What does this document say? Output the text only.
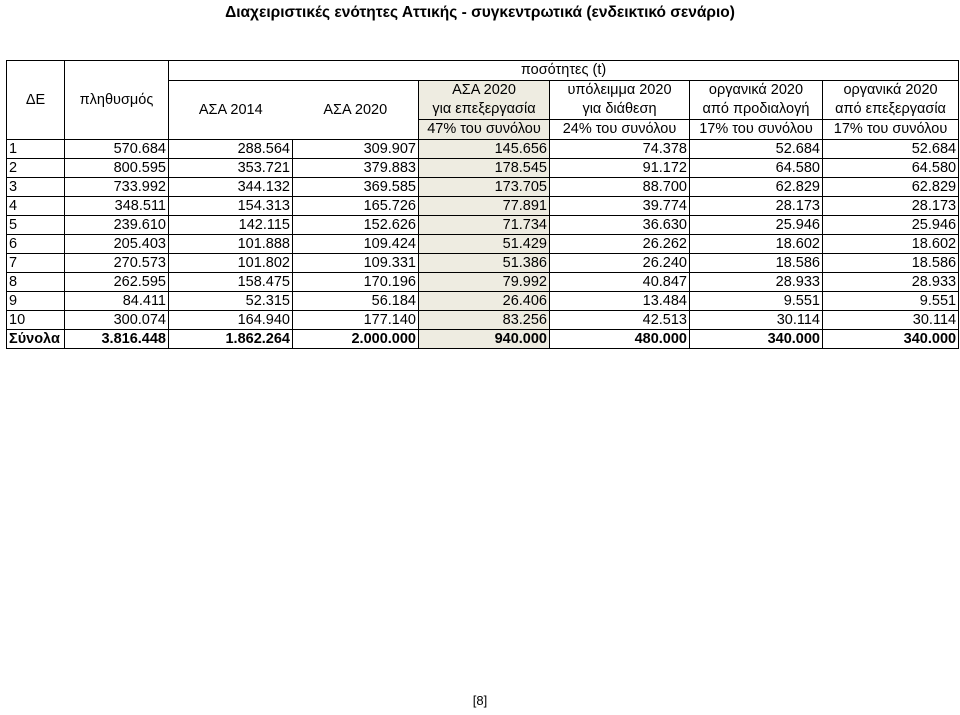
Διαχειριστικές ενότητες Αττικής - συγκεντρωτικά (ενδεικτικό σενάριο)
ΔΕ	πληθυσμός	ποσότητες (t)					
		ΑΣΑ 2014	ΑΣΑ 2020	ΑΣΑ 2020	υπόλειμμα 2020	οργανικά 2020	οργανικά 2020
				για επεξεργασία	για διάθεση	από προδιαλογή	από επεξεργασία
				47% του συνόλου	24% του συνόλου	17% του συνόλου	17% του συνόλου
1	570.684	288.564	309.907	145.656	74.378	52.684	52.684
2	800.595	353.721	379.883	178.545	91.172	64.580	64.580
3	733.992	344.132	369.585	173.705	88.700	62.829	62.829
4	348.511	154.313	165.726	77.891	39.774	28.173	28.173
5	239.610	142.115	152.626	71.734	36.630	25.946	25.946
6	205.403	101.888	109.424	51.429	26.262	18.602	18.602
7	270.573	101.802	109.331	51.386	26.240	18.586	18.586
8	262.595	158.475	170.196	79.992	40.847	28.933	28.933
9	84.411	52.315	56.184	26.406	13.484	9.551	9.551
10	300.074	164.940	177.140	83.256	42.513	30.114	30.114
Σύνολα	3.816.448	1.862.264	2.000.000	940.000	480.000	340.000	340.000
[8]
